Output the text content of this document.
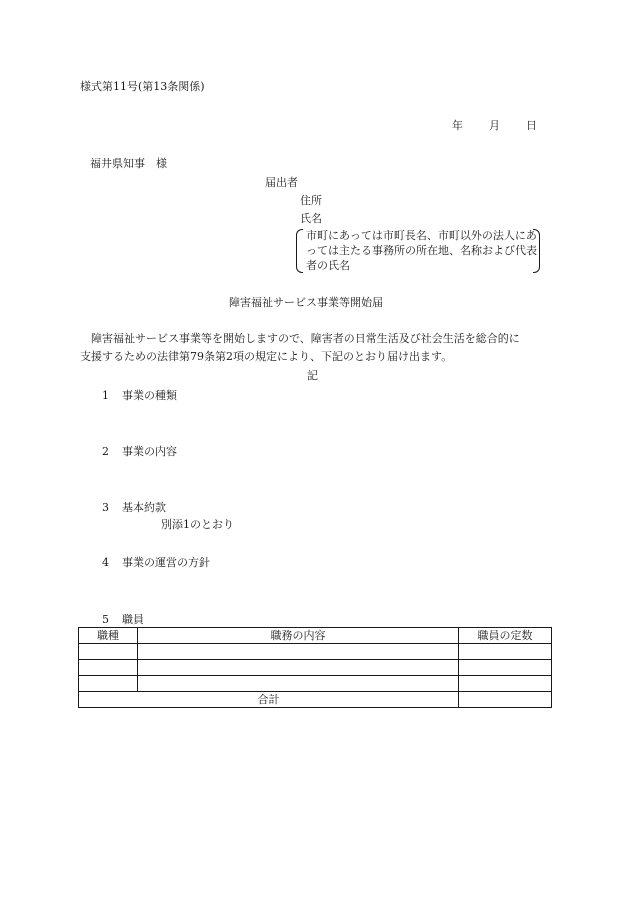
様式第11号(第13条関係)
年 月 日
福井県知事　様
届出者
住所
氏名
市町にあっては市町長名、市町以外の法人にあっては主たる事務所の所在地、名称および代表者の氏名
障害福祉サービス事業等開始届

障害福祉サービス事業等を開始しますので、障害者の日常生活及び社会生活を総合的に

支援するための法律第79条第2項の規定により、下記のとおり届け出ます。

記
1 事業の種類
2 事業の内容
3 基本約款
別添1のとおり
4 事業の運営の方針
5 職員
職種	職務の内容	職員の定数

合計		
